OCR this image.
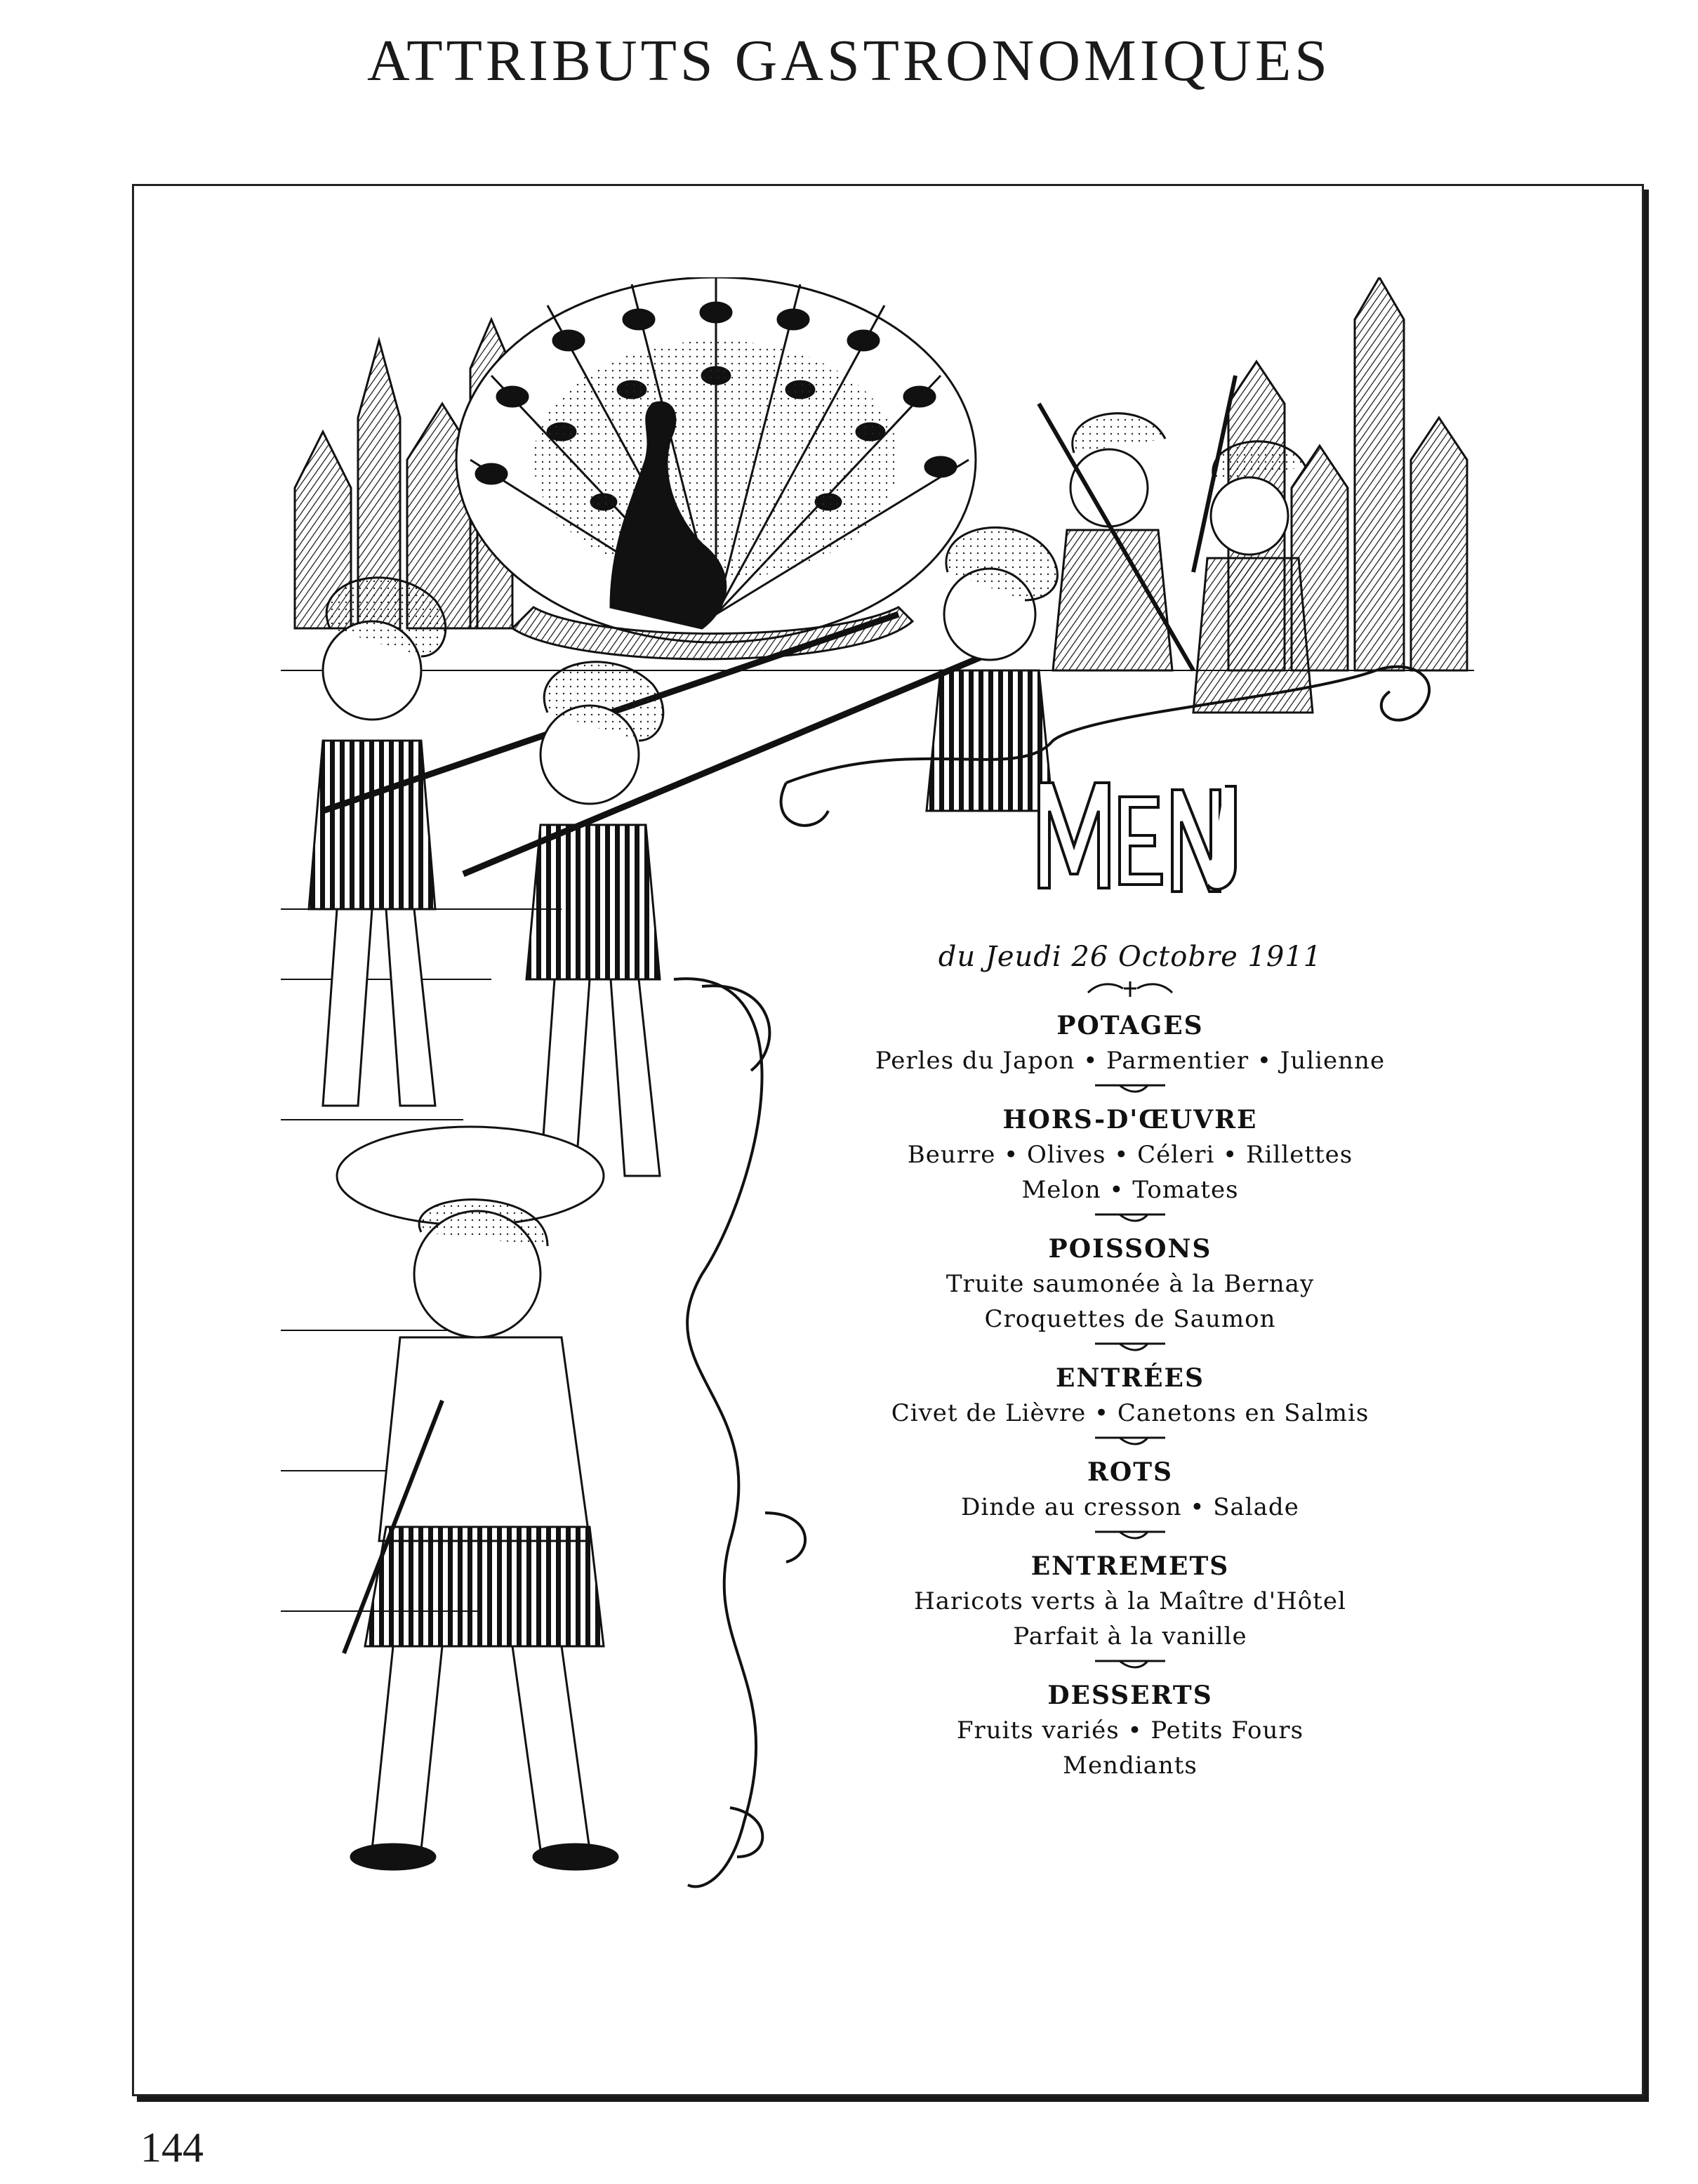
ATTRIBUTS GASTRONOMIQUES
MENU
du Jeudi 26 Octobre 1911
POTAGES
Perles du Japon • Parmentier • Julienne
HORS-D'ŒUVRE
Beurre • Olives • Céleri • Rillettes
Melon • Tomates
POISSONS
Truite saumonée à la Bernay
Croquettes de Saumon
ENTRÉES
Civet de Lièvre • Canetons en Salmis
ROTS
Dinde au cresson • Salade
ENTREMETS
Haricots verts à la Maître d'Hôtel
Parfait à la vanille
DESSERTS
Fruits variés • Petits Fours
Mendiants
144
